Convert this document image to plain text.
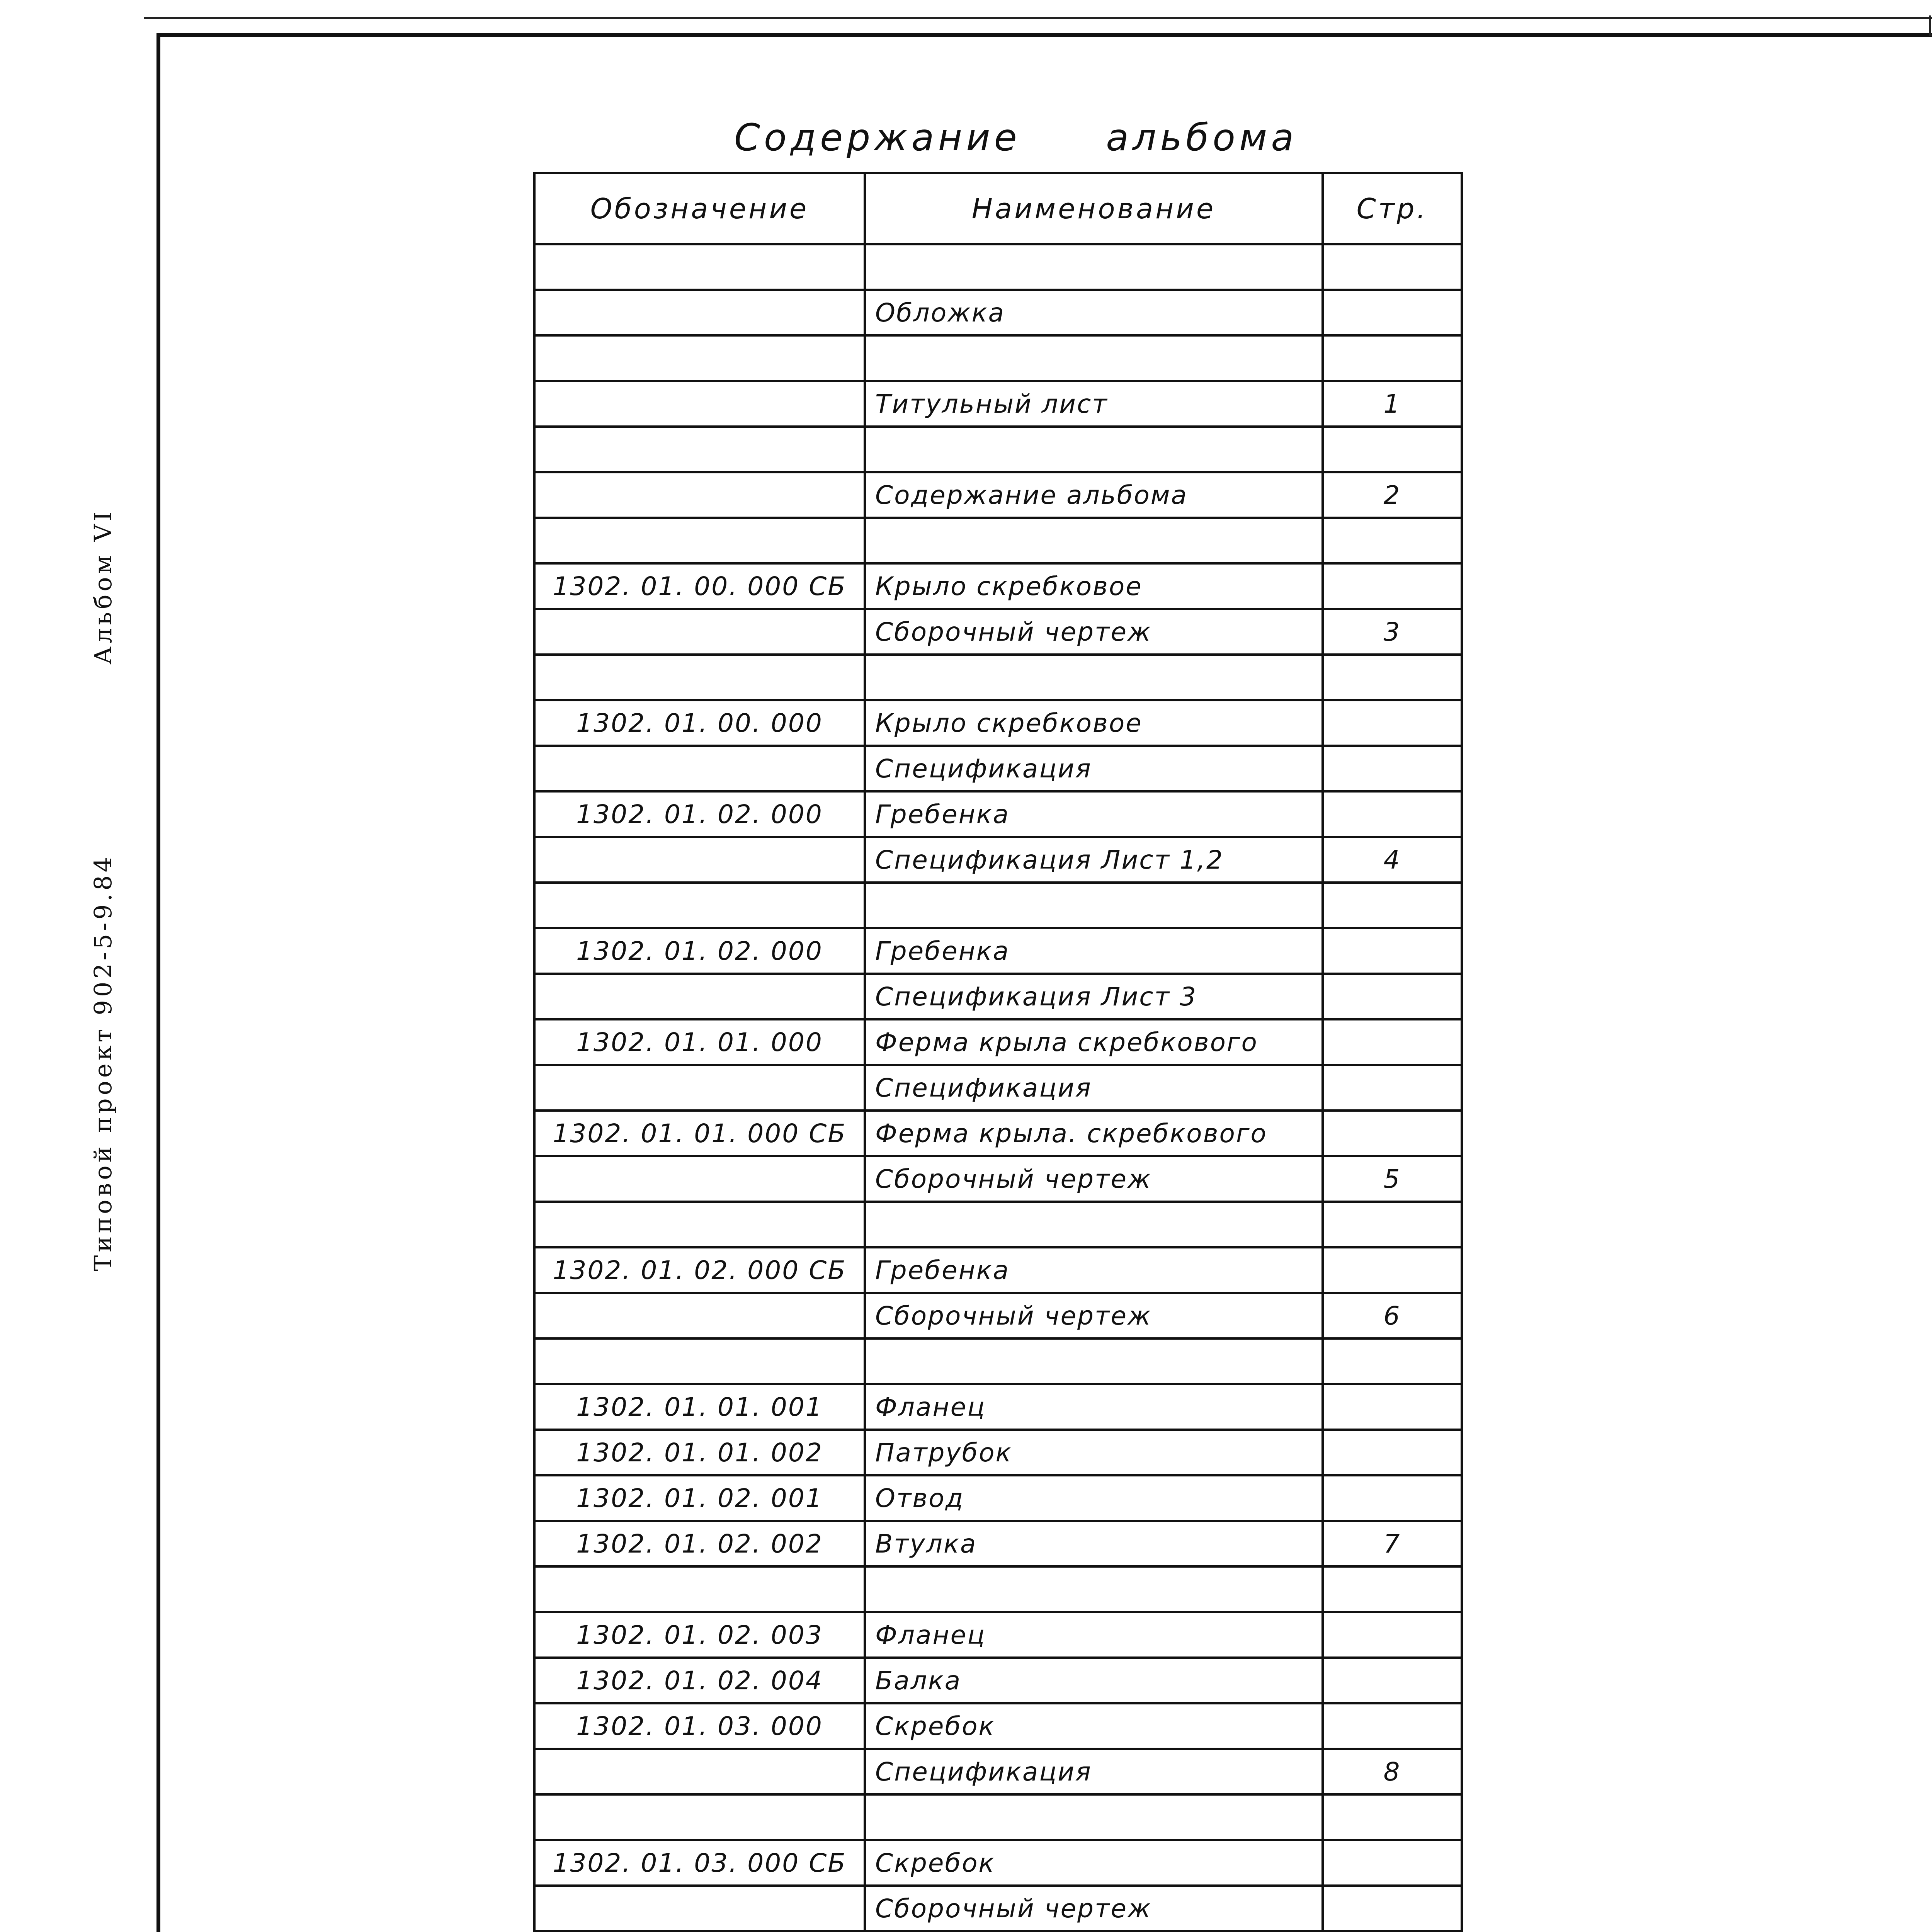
Альбом VI
Типовой проект 902-5-9.84
Содержание альбома
Обозначение	Наименование	Стр.

	Обложка	

	Титульный лист	1

	Содержание альбома	2

1302. 01. 00. 000 СБ	Крыло скребковое	
	Сборочный чертеж	3

1302. 01. 00. 000	Крыло скребковое	
	Спецификация	
1302. 01. 02. 000	Гребенка	
	Спецификация Лист 1,2	4

1302. 01. 02. 000	Гребенка	
	Спецификация Лист 3	
1302. 01. 01. 000	Ферма крыла скребкового	
	Спецификация	
1302. 01. 01. 000 СБ	Ферма крыла. скребкового	
	Сборочный чертеж	5

1302. 01. 02. 000 СБ	Гребенка	
	Сборочный чертеж	6

1302. 01. 01. 001	Фланец	
1302. 01. 01. 002	Патрубок	
1302. 01. 02. 001	Отвод	
1302. 01. 02. 002	Втулка	7

1302. 01. 02. 003	Фланец	
1302. 01. 02. 004	Балка	
1302. 01. 03. 000	Скребок	
	Спецификация	8

1302. 01. 03. 000 СБ	Скребок	
	Сборочный чертеж	
